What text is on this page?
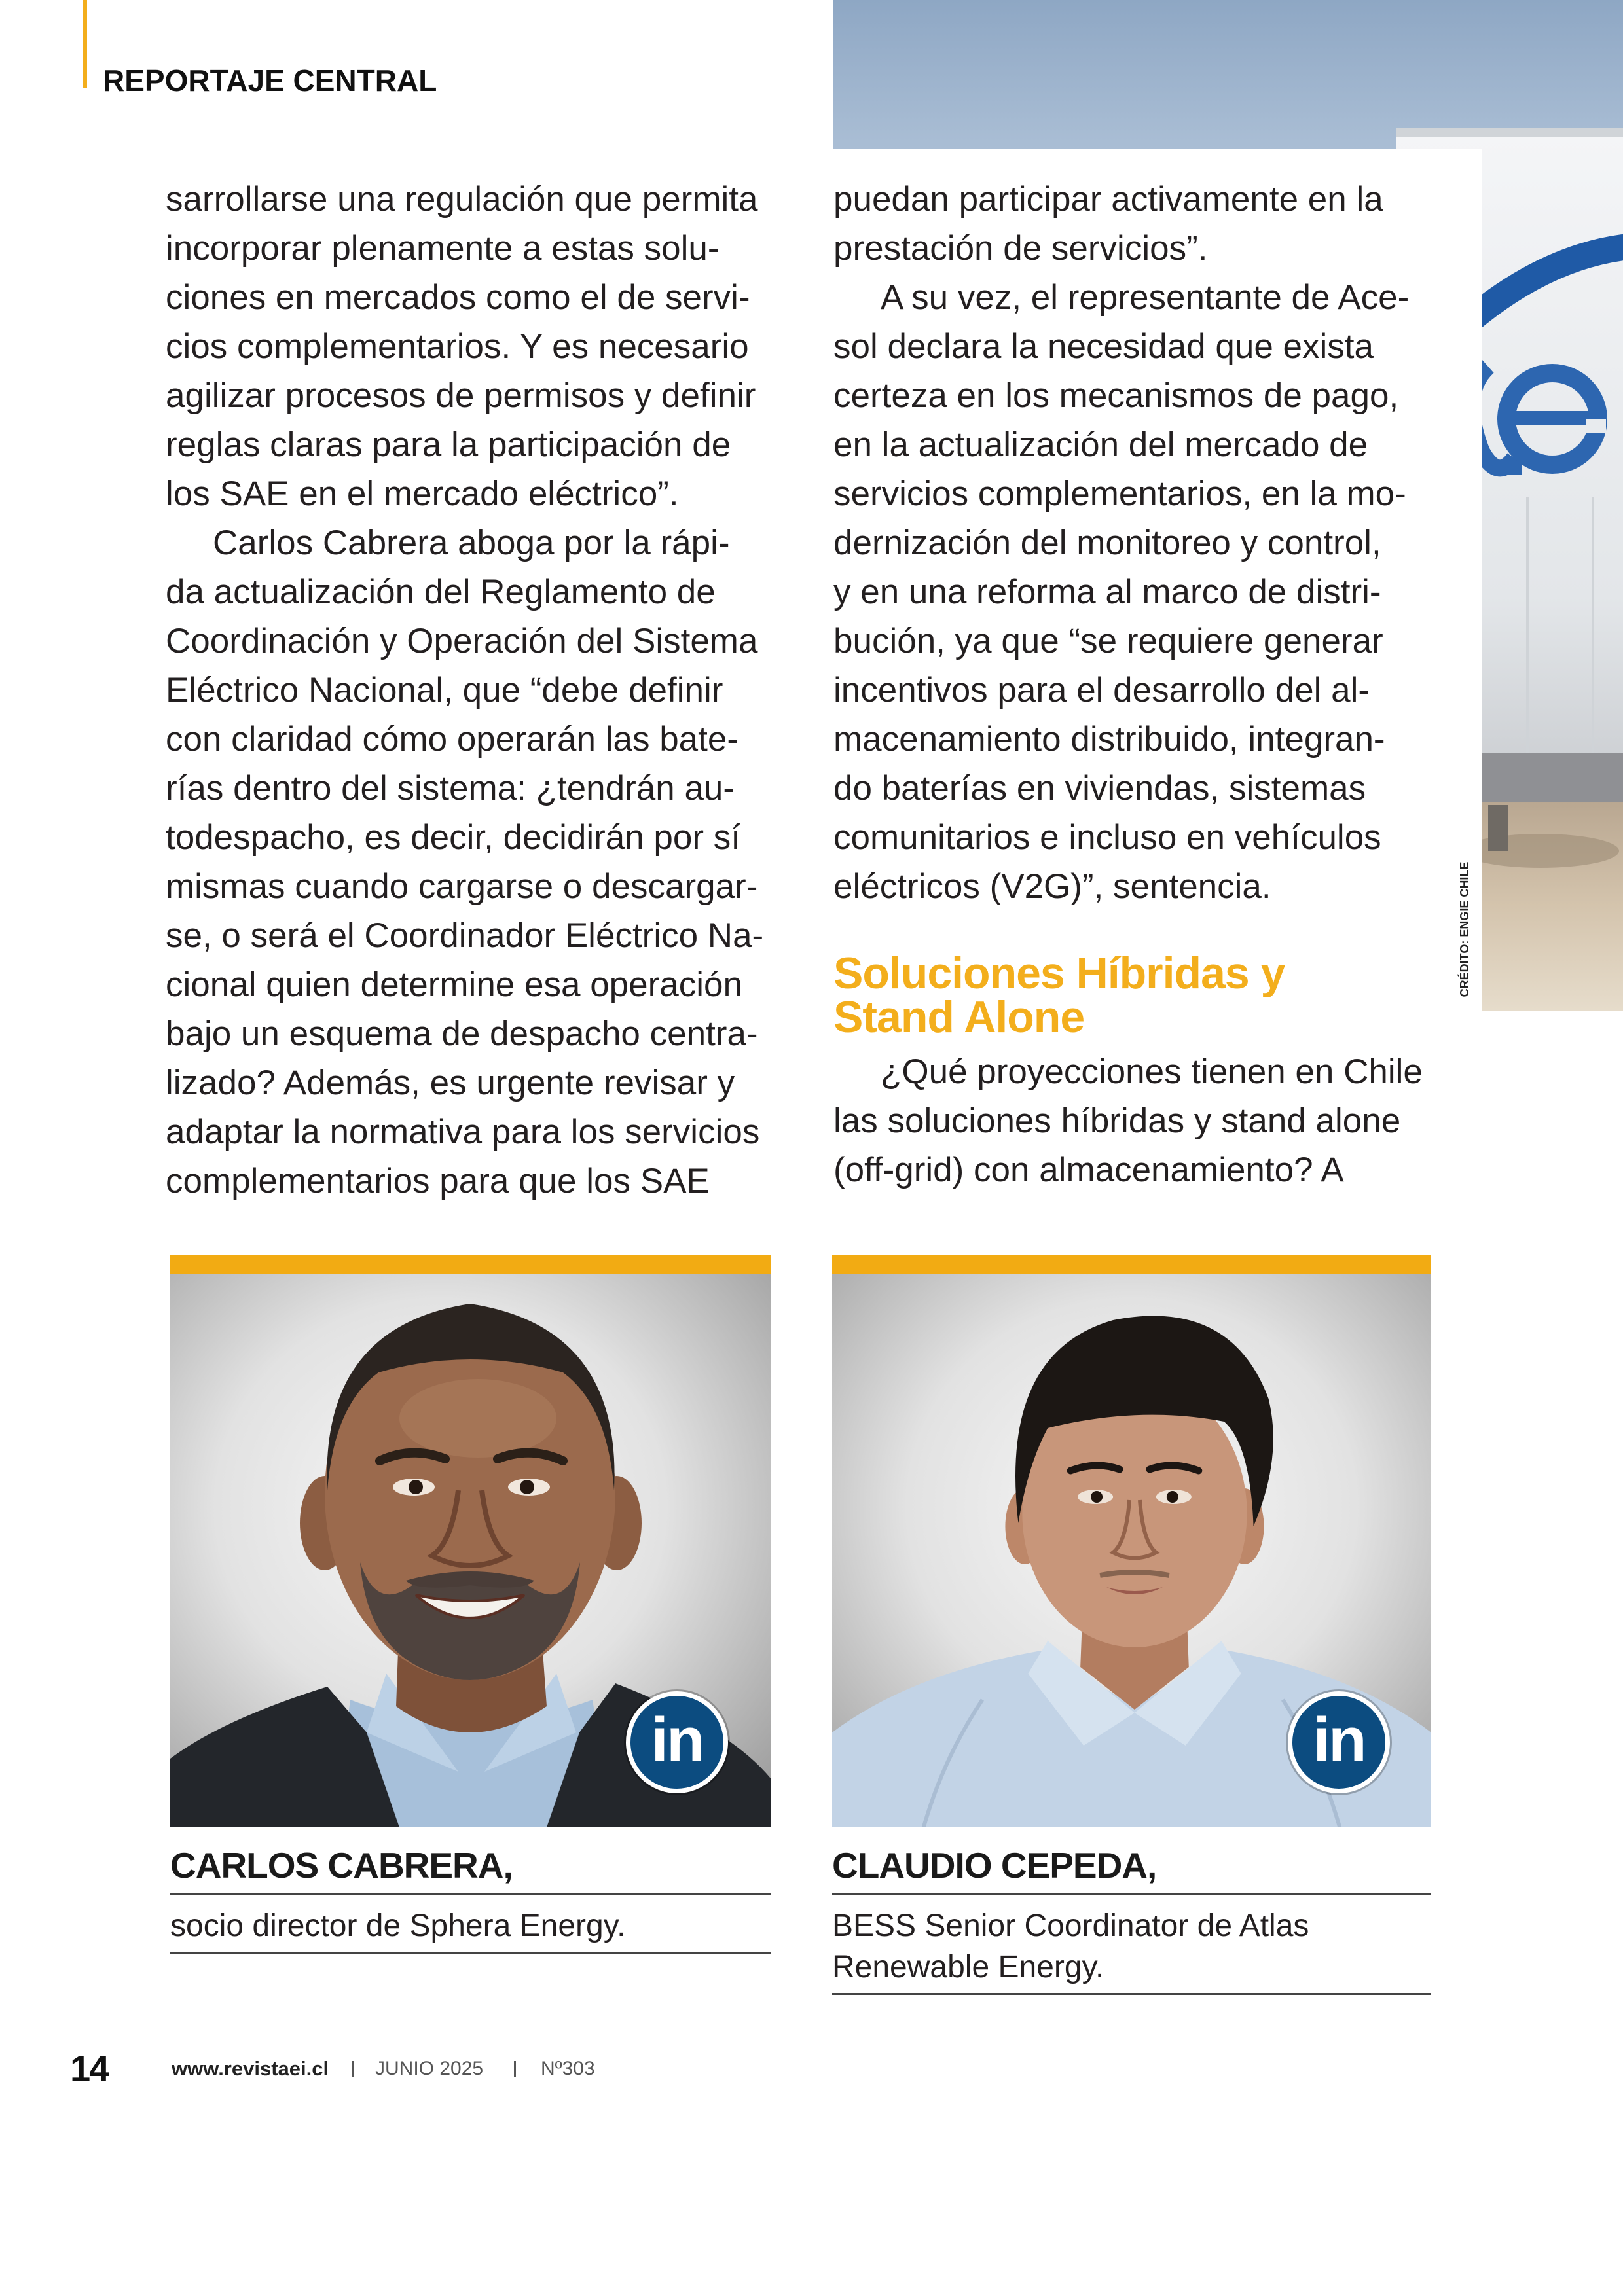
REPORTAJE CENTRAL
CRÉDITO: ENGIE CHILE
sarrollarse una regulación que permita
incorporar plenamente a estas solu-
ciones en mercados como el de servi-
cios complementarios. Y es necesario
agilizar procesos de permisos y definir
reglas claras para la participación de
los SAE en el mercado eléctrico”.
Carlos Cabrera aboga por la rápi-
da actualización del Reglamento de
Coordinación y Operación del Sistema
Eléctrico Nacional, que “debe definir
con claridad cómo operarán las bate-
rías dentro del sistema: ¿tendrán au-
todespacho, es decir, decidirán por sí
mismas cuando cargarse o descargar-
se, o será el Coordinador Eléctrico Na-
cional quien determine esa operación
bajo un esquema de despacho centra-
lizado? Además, es urgente revisar y
adaptar la normativa para los servicios
complementarios para que los SAE
puedan participar activamente en la
prestación de servicios”.
A su vez, el representante de Ace-
sol declara la necesidad que exista
certeza en los mecanismos de pago,
en la actualización del mercado de
servicios complementarios, en la mo-
dernización del monitoreo y control,
y en una reforma al marco de distri-
bución, ya que “se requiere generar
incentivos para el desarrollo del al-
macenamiento distribuido, integran-
do baterías en viviendas, sistemas
comunitarios e incluso en vehículos
eléctricos (V2G)”, sentencia.
Soluciones Híbridas y
Stand Alone
¿Qué proyecciones tienen en Chile
las soluciones híbridas y stand alone
(off-grid) con almacenamiento? A
in
CARLOS CABRERA,
socio director de Sphera Energy.
in
CLAUDIO CEPEDA,
BESS Senior Coordinator de Atlas
Renewable Energy.
14	www.revistaei.cl JUNIO 2025	Nº303
